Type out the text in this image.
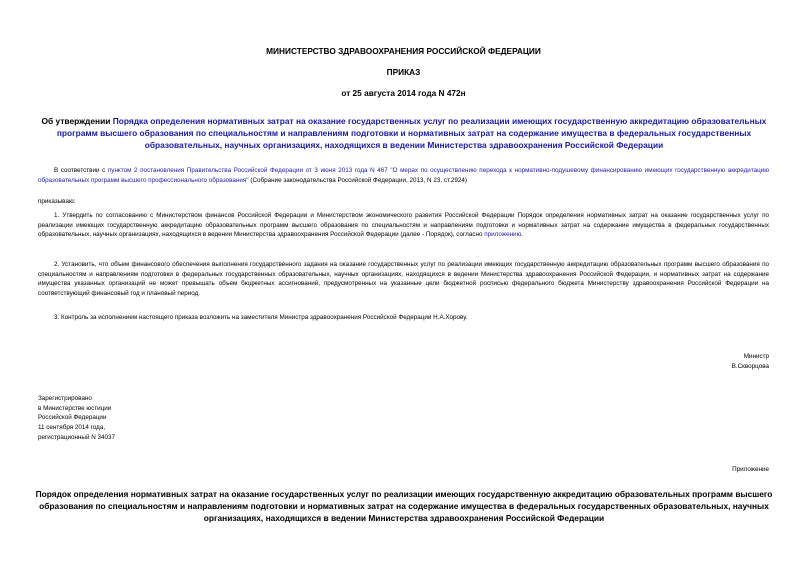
МИНИСТЕРСТВО ЗДРАВООХРАНЕНИЯ РОССИЙСКОЙ ФЕДЕРАЦИИ
ПРИКАЗ
от 25 августа 2014 года N 472н
Об утверждении Порядка определения нормативных затрат на оказание государственных услуг по реализации имеющих государственную аккредитацию образовательных программ высшего образования по специальностям и направлениям подготовки и нормативных затрат на содержание имущества в федеральных государственных образовательных, научных организациях, находящихся в ведении Министерства здравоохранения Российской Федерации
В соответствии с пунктом 2 постановления Правительства Российской Федерации от 3 июня 2013 года N 467 "О мерах по осуществлению перехода к нормативно-подушевому финансированию имеющих государственную аккредитацию образовательных программ высшего профессионального образования" (Собрание законодательства Российской Федерации, 2013, N 23, ст.2924)
приказываю:
1. Утвердить по согласованию с Министерством финансов Российской Федерации и Министерством экономического развития Российской Федерации Порядок определения нормативных затрат на оказание государственных услуг по реализации имеющих государственную аккредитацию образовательных программ высшего образования по специальностям и направлениям подготовки и нормативных затрат на содержание имущества в федеральных государственных образовательных, научных организациях, находящихся в ведении Министерства здравоохранения Российской Федерации (далее - Порядок), согласно приложению.
2. Установить, что объем финансового обеспечения выполнения государственного задания на оказание государственных услуг по реализации имеющих государственную аккредитацию образовательных программ высшего образования по специальностям и направлениям подготовки в федеральных государственных образовательных, научных организациях, находящихся в ведении Министерства здравоохранения Российской Федерации, и нормативных затрат на содержание имущества указанных организаций не может превышать объем бюджетных ассигнований, предусмотренных на указанные цели бюджетной росписью федерального бюджета Министерству здравоохранения Российской Федерации на соответствующий финансовый год и плановый период.
3. Контроль за исполнением настоящего приказа возложить на заместителя Министра здравоохранения Российской Федерации Н.А.Хорову.
Министр
В.Скворцова
Зарегистрировано
в Министерстве юстиции
Российской Федерации
11 сентября 2014 года,
регистрационный N 34037
Приложение
Порядок определения нормативных затрат на оказание государственных услуг по реализации имеющих государственную аккредитацию образовательных программ высшего образования по специальностям и направлениям подготовки и нормативных затрат на содержание имущества в федеральных государственных образовательных, научных организациях, находящихся в ведении Министерства здравоохранения Российской Федерации
